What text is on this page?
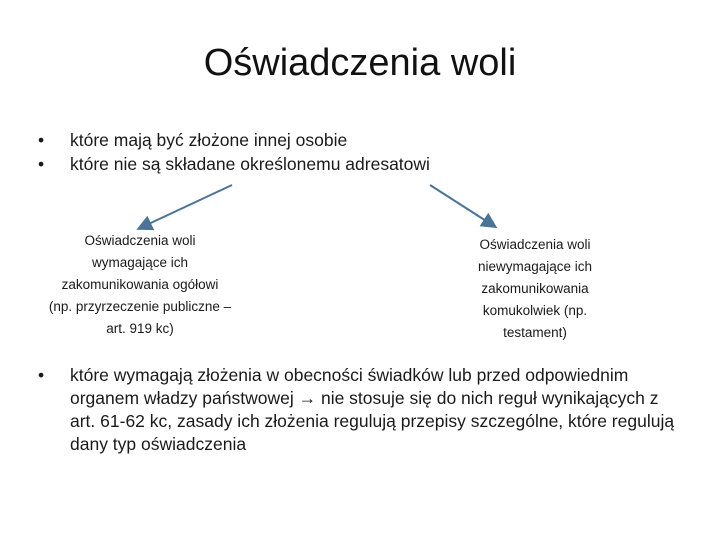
Oświadczenia woli
• które mają być złożone innej osobie
• które nie są składane określonemu adresatowi
Oświadczenia woli
wymagające ich
zakomunikowania ogółowi
(np. przyrzeczenie publiczne –
art. 919 kc)
Oświadczenia woli
niewymagające ich
zakomunikowania
komukolwiek (np.
testament)
• które wymagają złożenia w obecności świadków lub przed odpowiednim organem władzy państwowej → nie stosuje się do nich reguł wynikających z art. 61-62 kc, zasady ich złożenia regulują przepisy szczególne, które regulują dany typ oświadczenia
